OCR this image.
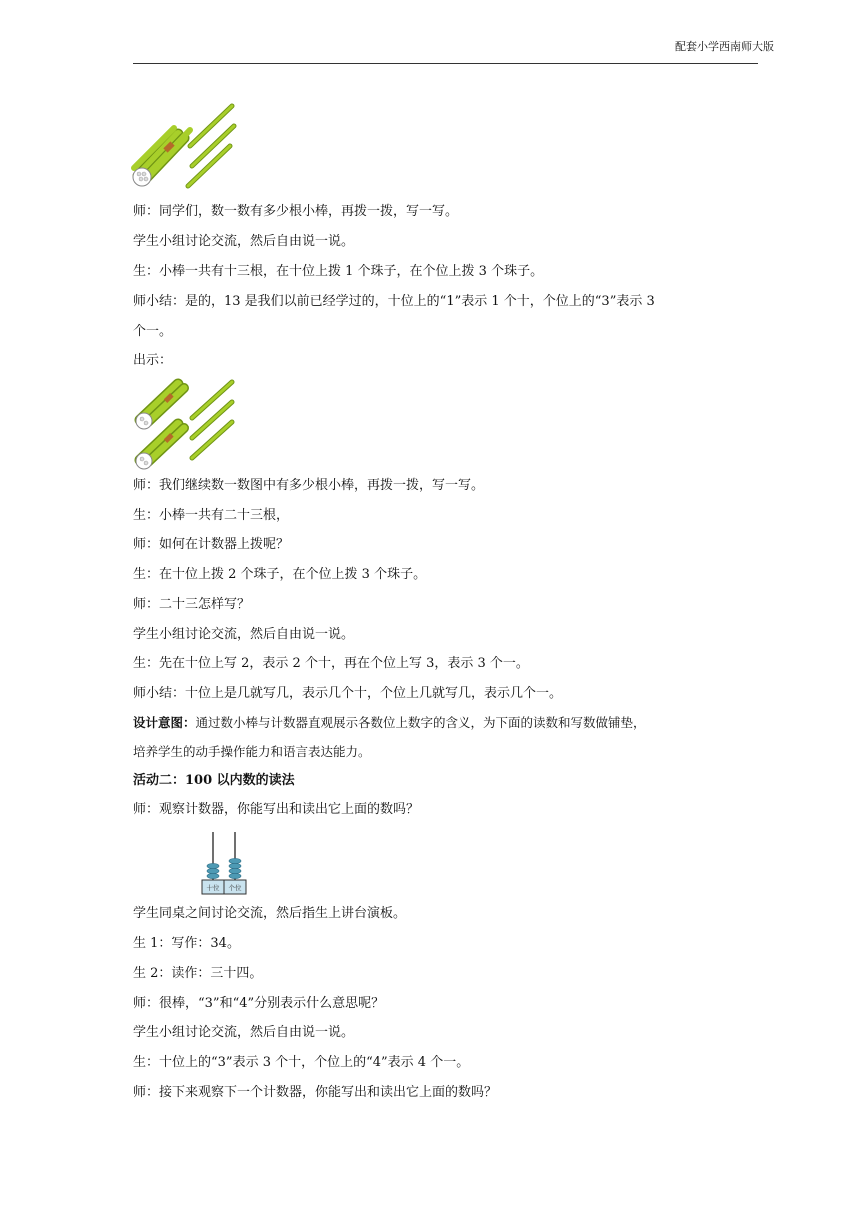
配套小学西南师大版
师：同学们，数一数有多少根小棒，再拨一拨，写一写。
学生小组讨论交流，然后自由说一说。
生：小棒一共有十三根，在十位上拨 1 个珠子，在个位上拨 3 个珠子。
师小结：是的，13 是我们以前已经学过的，十位上的“1”表示 1 个十，个位上的“3”表示 3
个一。
出示：
师：我们继续数一数图中有多少根小棒，再拨一拨，写一写。
生：小棒一共有二十三根，
师：如何在计数器上拨呢？
生：在十位上拨 2 个珠子，在个位上拨 3 个珠子。
师：二十三怎样写？
学生小组讨论交流，然后自由说一说。
生：先在十位上写 2，表示 2 个十，再在个位上写 3，表示 3 个一。
师小结：十位上是几就写几，表示几个十，个位上几就写几，表示几个一。
设计意图：通过数小棒与计数器直观展示各数位上数字的含义，为下面的读数和写数做铺垫，
培养学生的动手操作能力和语言表达能力。
活动二：100 以内数的读法
师：观察计数器，你能写出和读出它上面的数吗？
十位 个位
学生同桌之间讨论交流，然后指生上讲台演板。
生 1：写作：34。
生 2：读作：三十四。
师：很棒，“3”和“4”分别表示什么意思呢？
学生小组讨论交流，然后自由说一说。
生：十位上的“3”表示 3 个十，个位上的“4”表示 4 个一。
师：接下来观察下一个计数器，你能写出和读出它上面的数吗？
